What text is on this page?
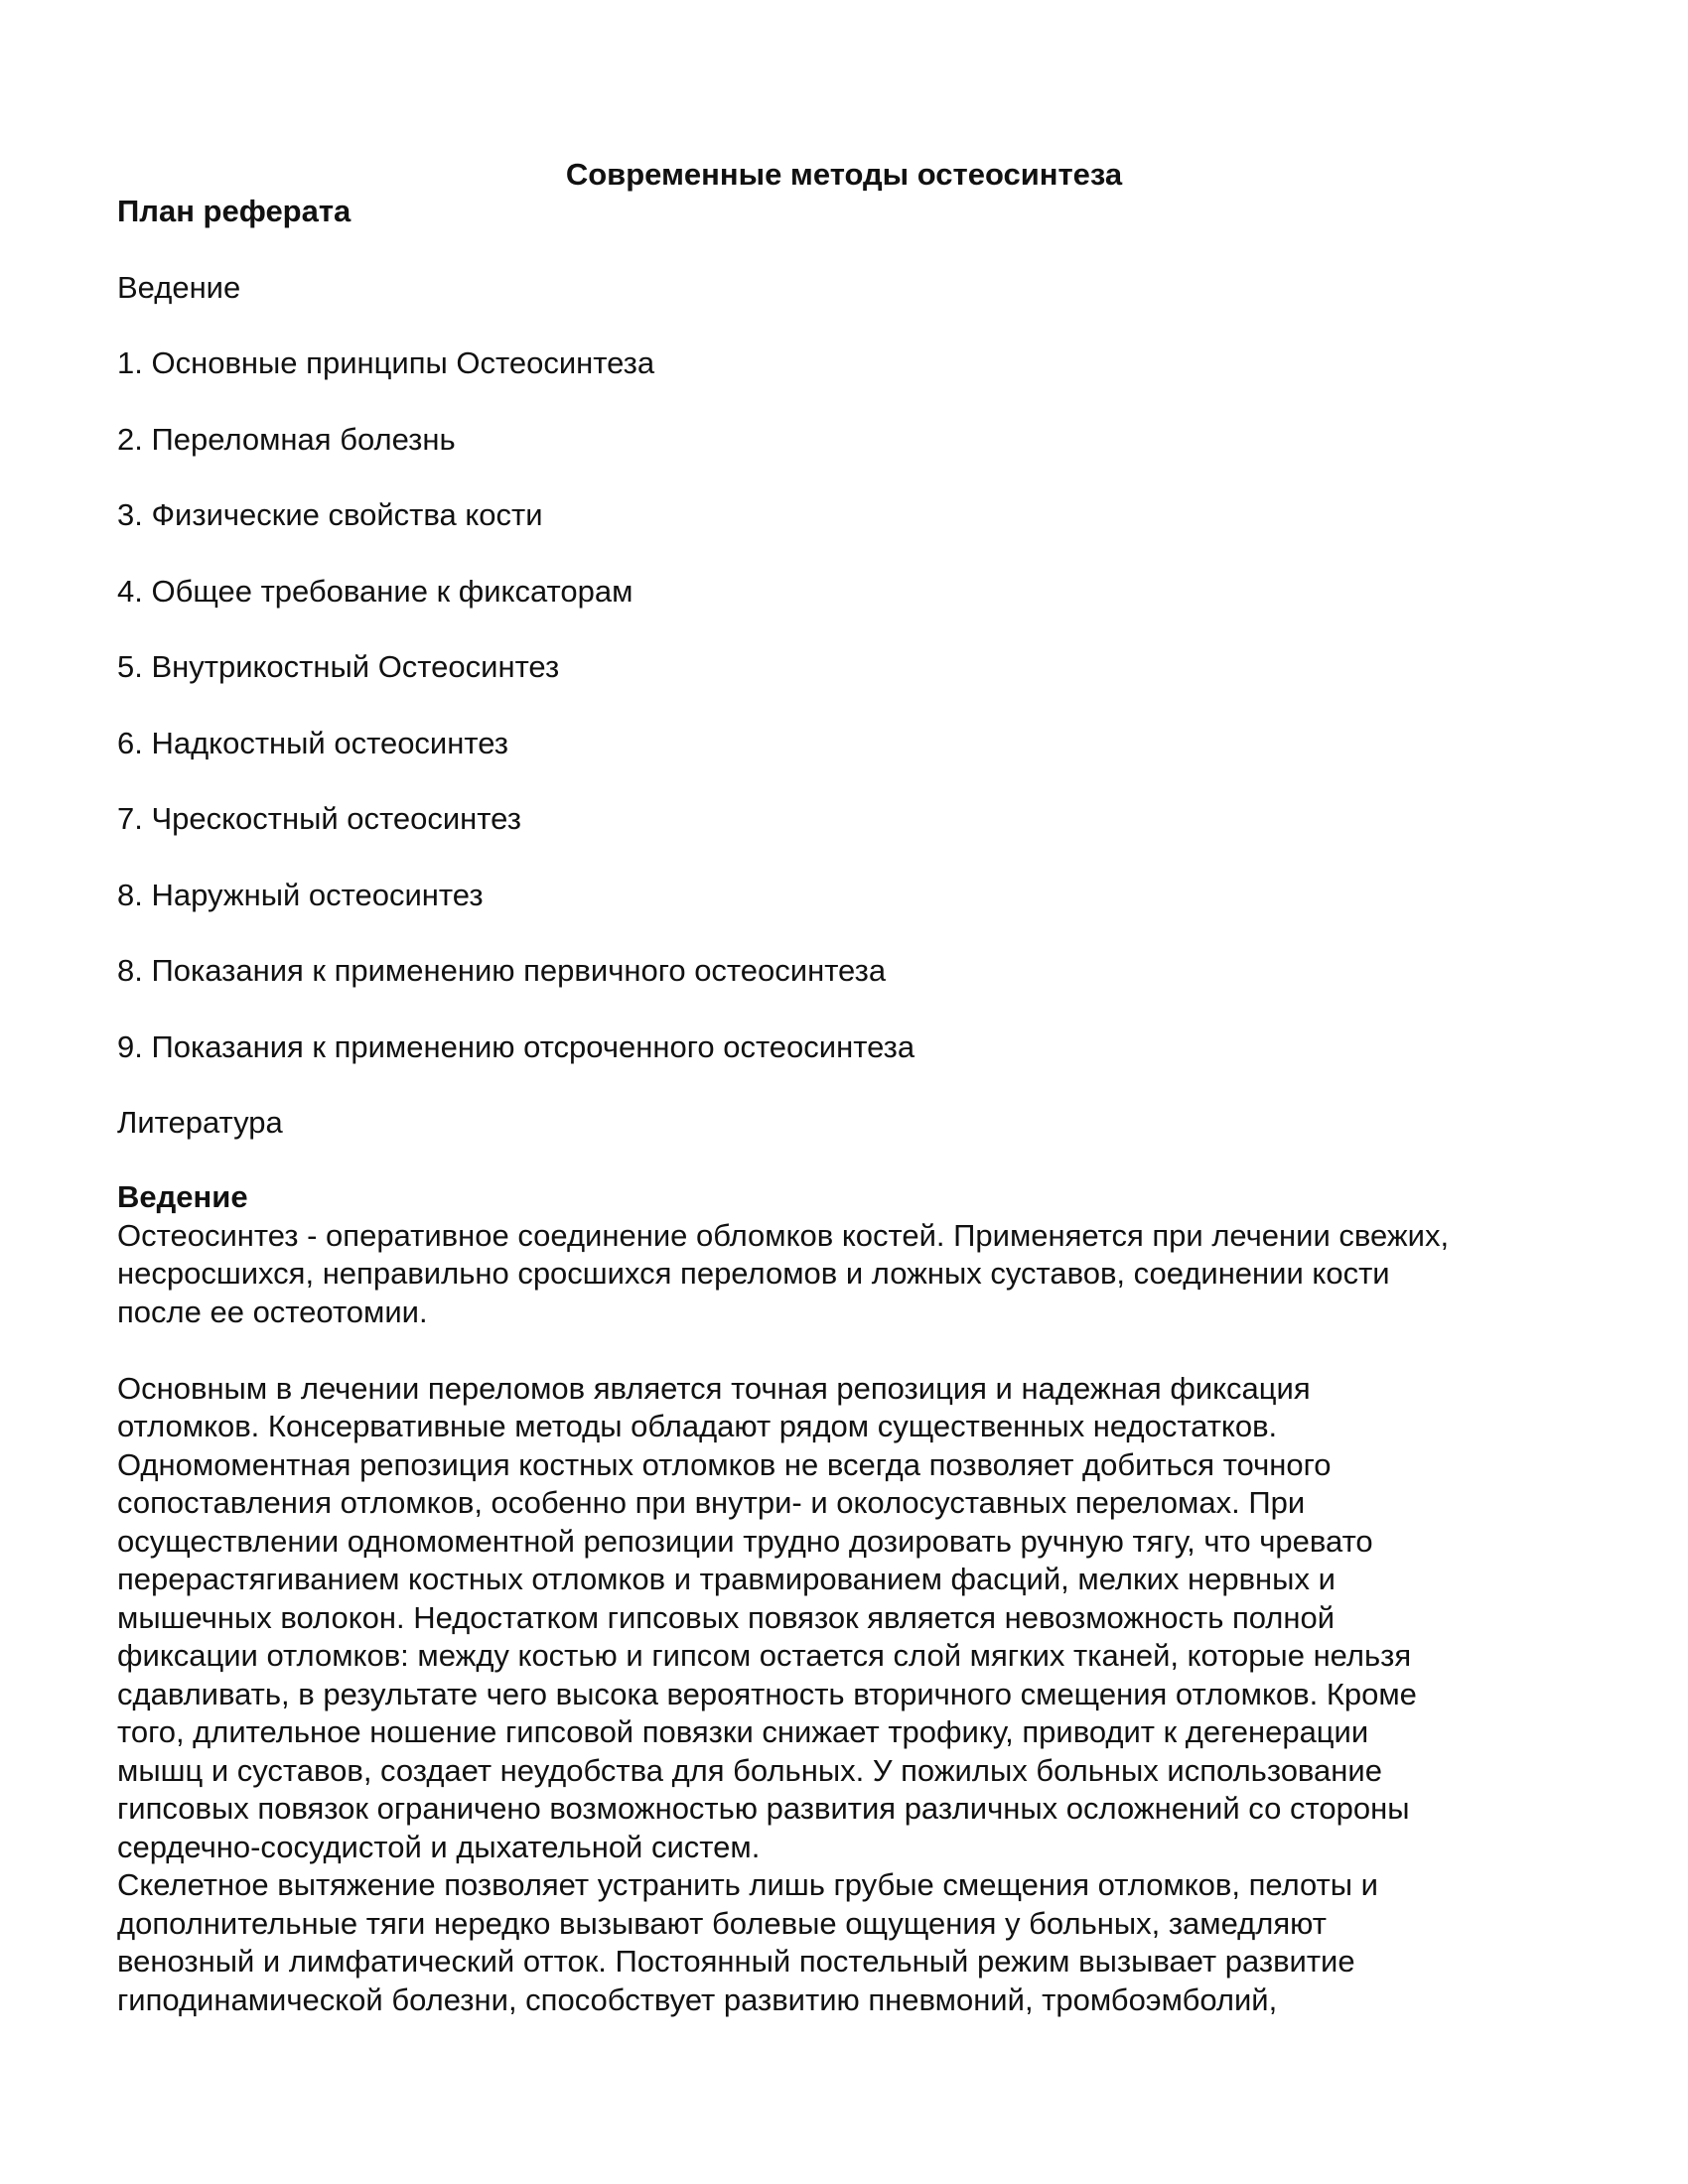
Современные методы остеосинтеза
План реферата
Ведение
1. Основные принципы Остеосинтеза
2. Переломная болезнь
3. Физические свойства кости
4. Общее требование к фиксаторам
5. Внутрикостный Остеосинтез
6. Надкостный остеосинтез
7. Чрескостный остеосинтез
8. Наружный остеосинтез
8. Показания к применению первичного остеосинтеза
9. Показания к применению отсроченного остеосинтеза
Литература
Ведение

Остеосинтез - оперативное соединение обломков костей. Применяется при лечении свежих,
несросшихся, неправильно сросшихся переломов и ложных суставов, соединении кости
после ее остеотомии.

Основным в лечении переломов является точная репозиция и надежная фиксация
отломков. Консервативные методы обладают рядом существенных недостатков.
Одномоментная репозиция костных отломков не всегда позволяет добиться точного
сопоставления отломков, особенно при внутри- и околосуставных переломах. При
осуществлении одномоментной репозиции трудно дозировать ручную тягу, что чревато
перерастягиванием костных отломков и травмированием фасций, мелких нервных и
мышечных волокон. Недостатком гипсовых повязок является невозможность полной
фиксации отломков: между костью и гипсом остается слой мягких тканей, которые нельзя
сдавливать, в результате чего высока вероятность вторичного смещения отломков. Кроме
того, длительное ношение гипсовой повязки снижает трофику, приводит к дегенерации
мышц и суставов, создает неудобства для больных. У пожилых больных использование
гипсовых повязок ограничено возможностью развития различных осложнений со стороны
сердечно-сосудистой и дыхательной систем.

Скелетное вытяжение позволяет устранить лишь грубые смещения отломков, пелоты и
дополнительные тяги нередко вызывают болевые ощущения у больных, замедляют
венозный и лимфатический отток. Постоянный постельный режим вызывает развитие
гиподинамической болезни, способствует развитию пневмоний, тромбоэмболий,
